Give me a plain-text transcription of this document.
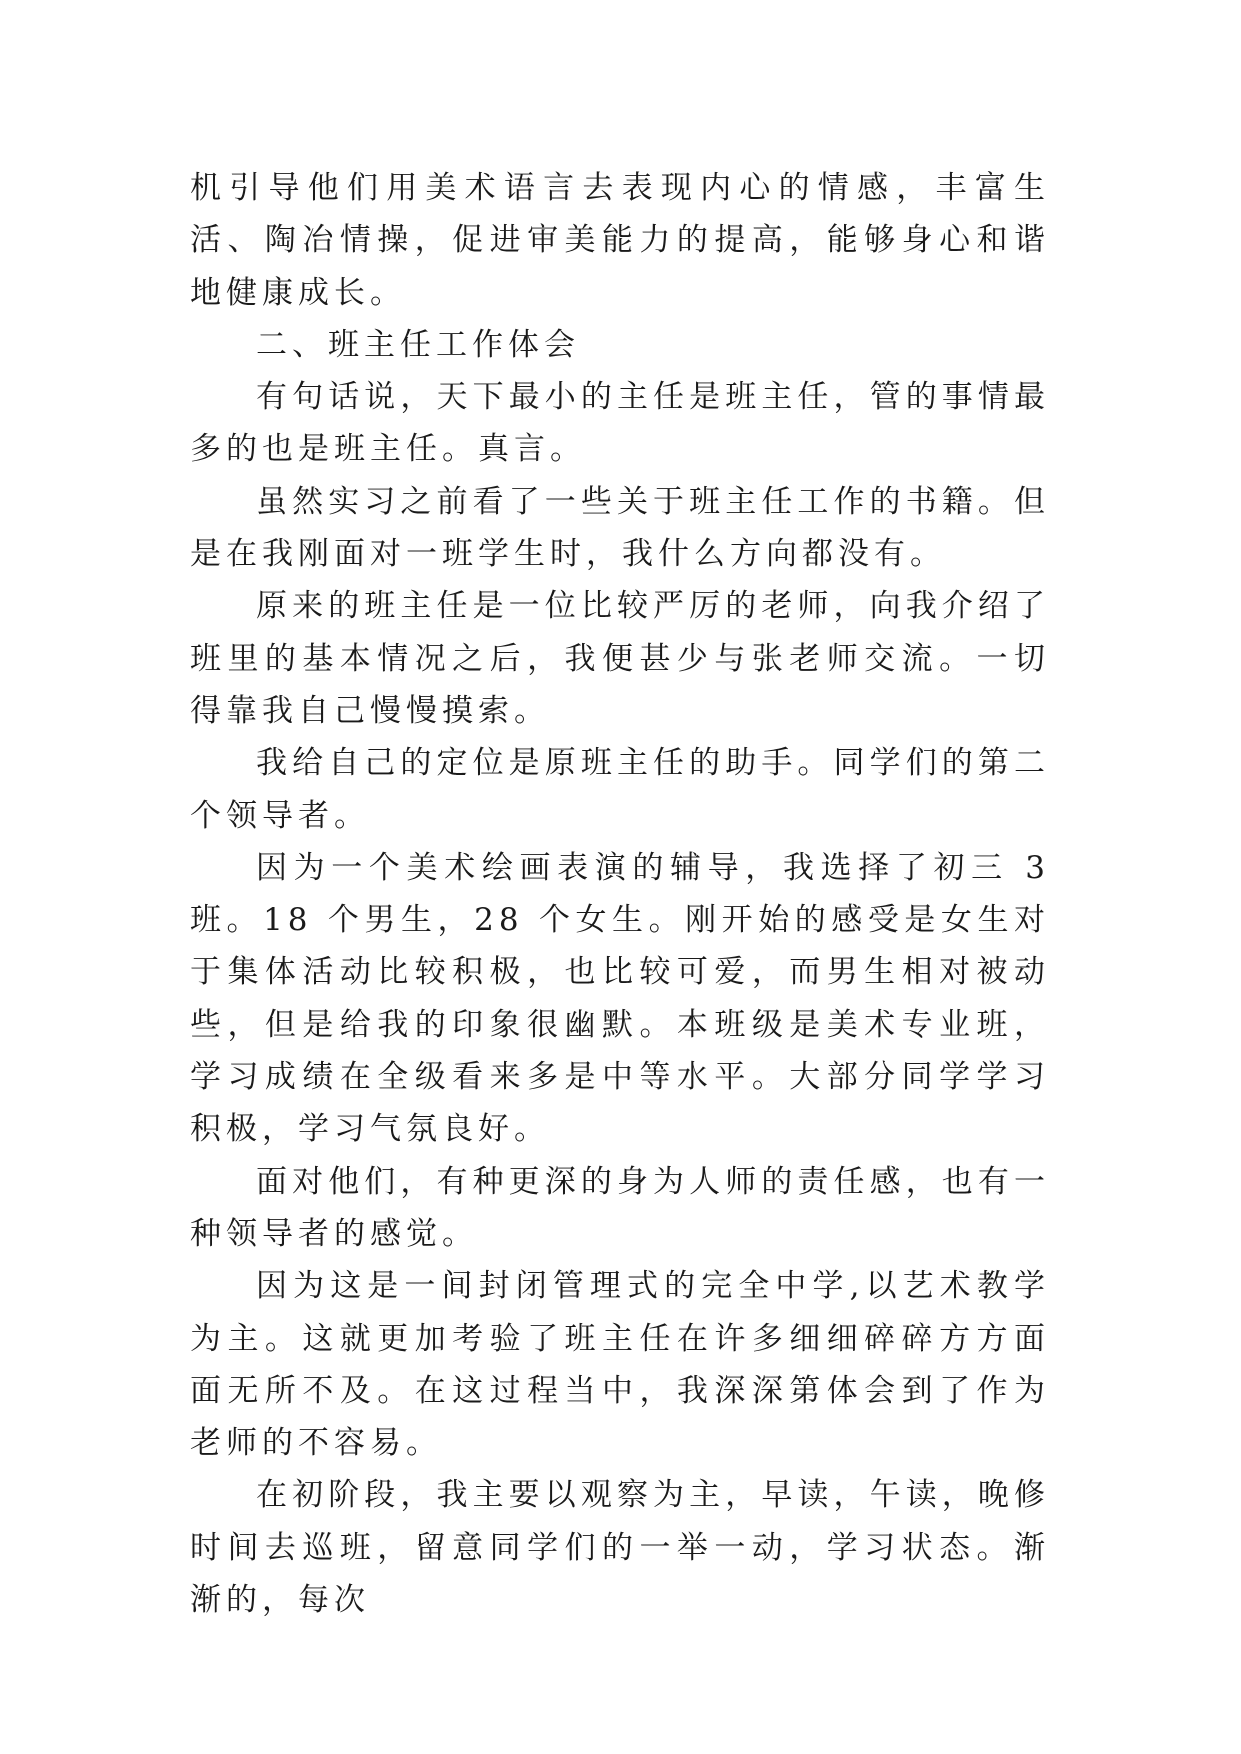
机引导他们用美术语言去表现内心的情感，丰富生活、陶冶情操，促进审美能力的提高，能够身心和谐地健康成长。

二、班主任工作体会

有句话说，天下最小的主任是班主任，管的事情最多的也是班主任。真言。

虽然实习之前看了一些关于班主任工作的书籍。但是在我刚面对一班学生时，我什么方向都没有。

原来的班主任是一位比较严厉的老师，向我介绍了班里的基本情况之后，我便甚少与张老师交流。一切得靠我自己慢慢摸索。

我给自己的定位是原班主任的助手。同学们的第二个领导者。

因为一个美术绘画表演的辅导，我选择了初三 3 班。18 个男生，28 个女生。刚开始的感受是女生对于集体活动比较积极，也比较可爱，而男生相对被动些，但是给我的印象很幽默。本班级是美术专业班，学习成绩在全级看来多是中等水平。大部分同学学习积极，学习气氛良好。

面对他们，有种更深的身为人师的责任感，也有一种领导者的感觉。

因为这是一间封闭管理式的完全中学,以艺术教学为主。这就更加考验了班主任在许多细细碎碎方方面面无所不及。在这过程当中，我深深第体会到了作为老师的不容易。

在初阶段，我主要以观察为主，早读，午读，晚修时间去巡班，留意同学们的一举一动，学习状态。渐渐的，每次
